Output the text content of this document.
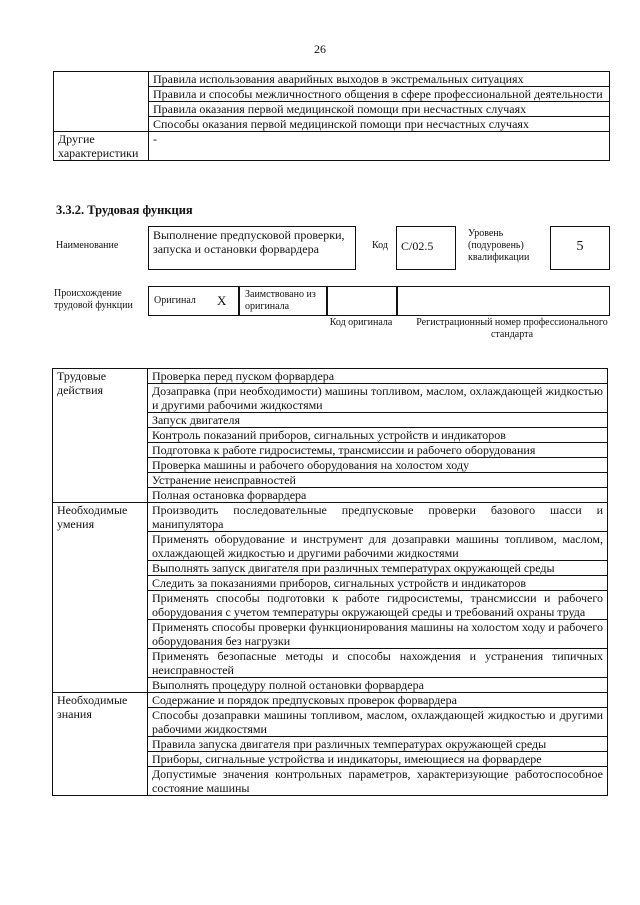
26
	Правила использования аварийных выходов в экстремальных ситуациях
	Правила и способы межличностного общения в сфере профессиональной деятельности
	Правила оказания первой медицинской помощи при несчастных случаях
	Способы оказания первой медицинской помощи при несчастных случаях
Другие характеристики	-
3.3.2. Трудовая функция
Наименование
Выполнение предпусковой проверки, запуска и остановки форвардера	Код	C/02.5
Уровень (подуровень) квалификации
5
Происхождение трудовой функции	Оригинал X Заимствовано из оригинала
Код оригинала	Регистрационный номер профессионального стандарта
Трудовые действия	Проверка перед пуском форвардера
	Дозаправка (при необходимости) машины топливом, маслом, охлаждающей жидкостью и другими рабочими жидкостями
	Запуск двигателя
	Контроль показаний приборов, сигнальных устройств и индикаторов
	Подготовка к работе гидросистемы, трансмиссии и рабочего оборудования
	Проверка машины и рабочего оборудования на холостом ходу
	Устранение неисправностей
	Полная остановка форвардера
Необходимые умения	Производить последовательные предпусковые проверки базового шасси и манипулятора
	Применять оборудование и инструмент для дозаправки машины топливом, маслом, охлаждающей жидкостью и другими рабочими жидкостями
	Выполнять запуск двигателя при различных температурах окружающей среды
	Следить за показаниями приборов, сигнальных устройств и индикаторов
	Применять способы подготовки к работе гидросистемы, трансмиссии и рабочего оборудования с учетом температуры окружающей среды и требований охраны труда
	Применять способы проверки функционирования машины на холостом ходу и рабочего оборудования без нагрузки
	Применять безопасные методы и способы нахождения и устранения типичных неисправностей
	Выполнять процедуру полной остановки форвардера
Необходимые знания	Содержание и порядок предпусковых проверок форвардера
	Способы дозаправки машины топливом, маслом, охлаждающей жидкостью и другими рабочими жидкостями
	Правила запуска двигателя при различных температурах окружающей среды
	Приборы, сигнальные устройства и индикаторы, имеющиеся на форвардере
	Допустимые значения контрольных параметров, характеризующие работоспособное состояние машины
